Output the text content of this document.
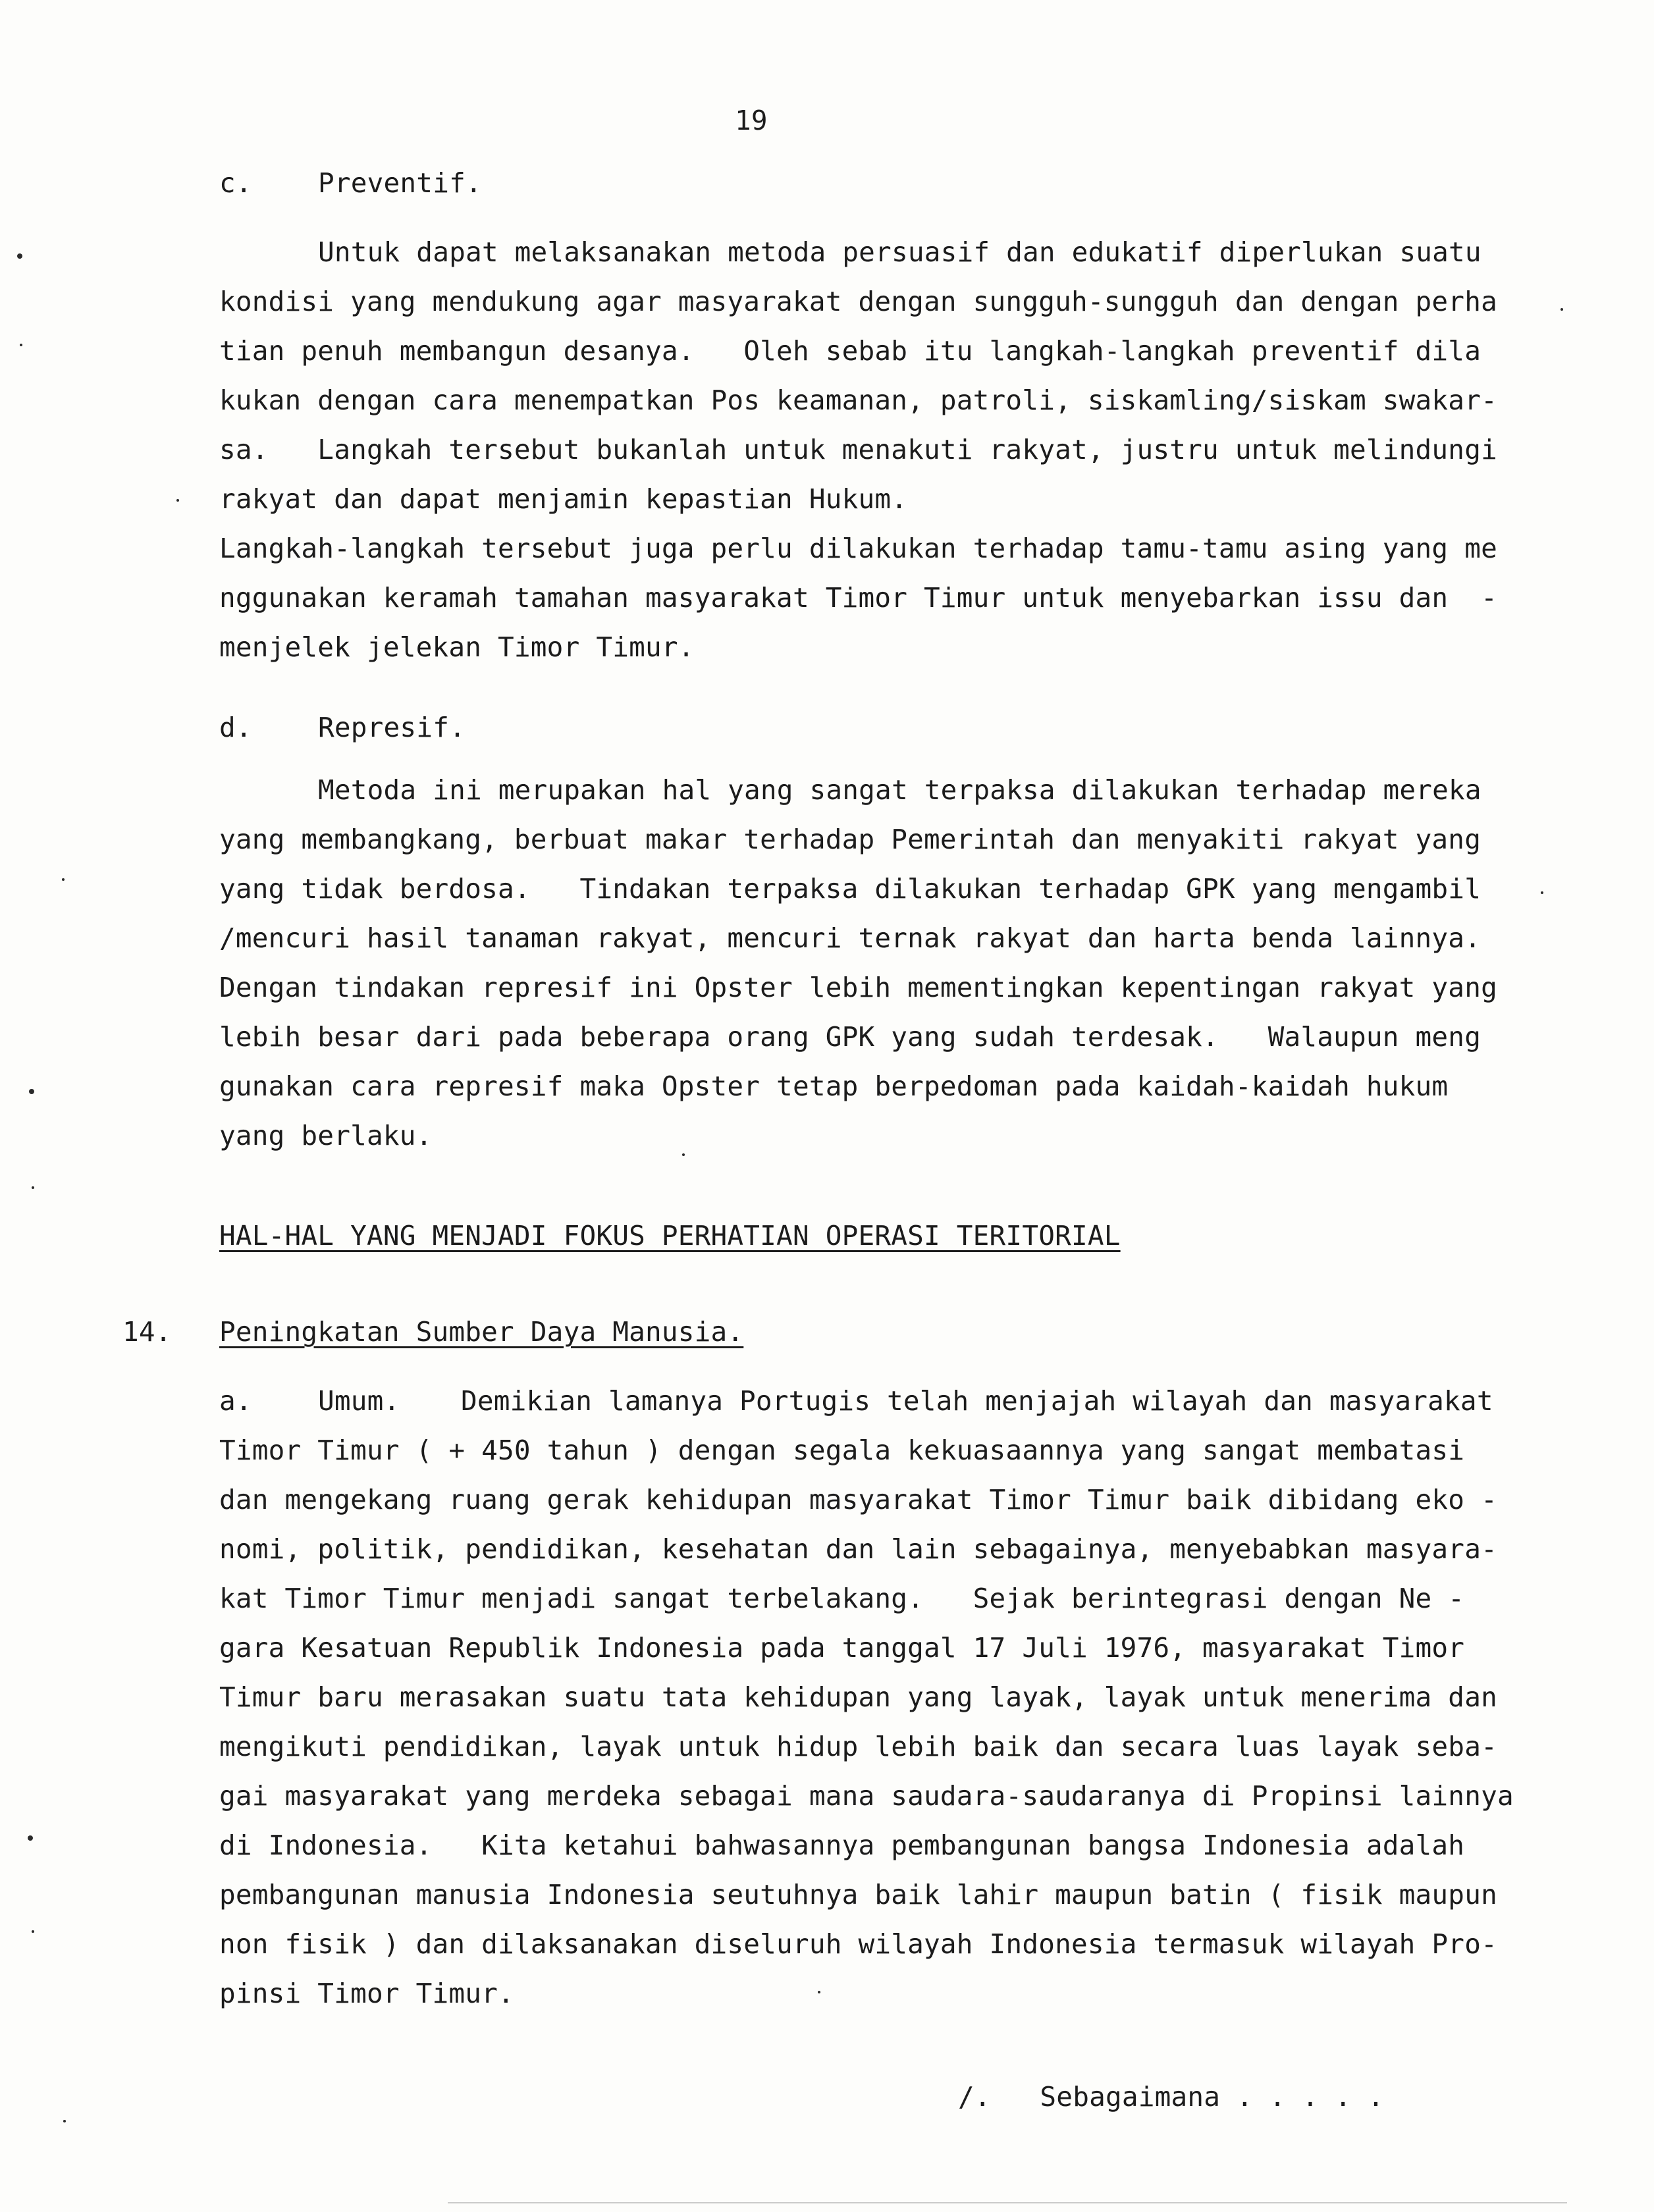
19
c. Preventif.
Untuk dapat melaksanakan metoda persuasif dan edukatif diperlukan suatu
kondisi yang mendukung agar masyarakat dengan sungguh-sungguh dan dengan perha
tian penuh membangun desanya.   Oleh sebab itu langkah-langkah preventif dila
kukan dengan cara menempatkan Pos keamanan, patroli, siskamling/siskam swakar-
sa.   Langkah tersebut bukanlah untuk menakuti rakyat, justru untuk melindungi
rakyat dan dapat menjamin kepastian Hukum.
Langkah-langkah tersebut juga perlu dilakukan terhadap tamu-tamu asing yang me
nggunakan keramah tamahan masyarakat Timor Timur untuk menyebarkan issu dan  -
menjelek jelekan Timor Timur.
d. Represif.
Metoda ini merupakan hal yang sangat terpaksa dilakukan terhadap mereka
yang membangkang, berbuat makar terhadap Pemerintah dan menyakiti rakyat yang
yang tidak berdosa.   Tindakan terpaksa dilakukan terhadap GPK yang mengambil
/mencuri hasil tanaman rakyat, mencuri ternak rakyat dan harta benda lainnya.
Dengan tindakan represif ini Opster lebih mementingkan kepentingan rakyat yang
lebih besar dari pada beberapa orang GPK yang sudah terdesak.   Walaupun meng
gunakan cara represif maka Opster tetap berpedoman pada kaidah-kaidah hukum
yang berlaku.
HAL-HAL YANG MENJADI FOKUS PERHATIAN OPERASI TERITORIAL
14. Peningkatan Sumber Daya Manusia.
a. Umum. Demikian lamanya Portugis telah menjajah wilayah dan masyarakat
Timor Timur ( + 450 tahun ) dengan segala kekuasaannya yang sangat membatasi
dan mengekang ruang gerak kehidupan masyarakat Timor Timur baik dibidang eko -
nomi, politik, pendidikan, kesehatan dan lain sebagainya, menyebabkan masyara-
kat Timor Timur menjadi sangat terbelakang.   Sejak berintegrasi dengan Ne -
gara Kesatuan Republik Indonesia pada tanggal 17 Juli 1976, masyarakat Timor
Timur baru merasakan suatu tata kehidupan yang layak, layak untuk menerima dan
mengikuti pendidikan, layak untuk hidup lebih baik dan secara luas layak seba-
gai masyarakat yang merdeka sebagai mana saudara-saudaranya di Propinsi lainnya
di Indonesia.   Kita ketahui bahwasannya pembangunan bangsa Indonesia adalah
pembangunan manusia Indonesia seutuhnya baik lahir maupun batin ( fisik maupun
non fisik ) dan dilaksanakan diseluruh wilayah Indonesia termasuk wilayah Pro-
pinsi Timor Timur.
/.   Sebagaimana . . . . .
